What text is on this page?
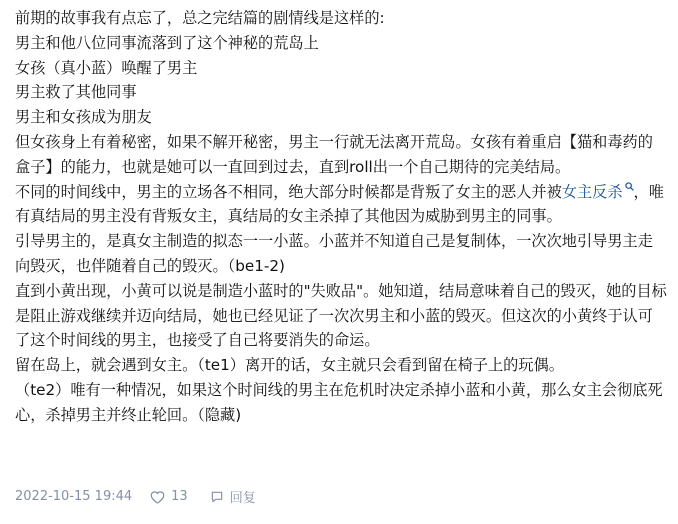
前期的故事我有点忘了，总之完结篇的剧情线是这样的:

男主和他八位同事流落到了这个神秘的荒岛上

女孩（真小蓝）唤醒了男主

男主救了其他同事

男主和女孩成为朋友

但女孩身上有着秘密，如果不解开秘密，男主一行就无法离开荒岛。女孩有着重启【猫和毒药的盒子】的能力，也就是她可以一直回到过去，直到roll出一个自己期待的完美结局。

不同的时间线中，男主的立场各不相同，绝大部分时候都是背叛了女主的恶人并被女主反杀 ，唯有真结局的男主没有背叛女主，真结局的女主杀掉了其他因为威胁到男主的同事。

引导男主的，是真女主制造的拟态一一小蓝。小蓝并不知道自己是复制体，一次次地引导男主走向毁灭，也伴随着自己的毁灭。（be1-2)

直到小黄出现，小黄可以说是制造小蓝时的"失败品"。她知道，结局意味着自己的毁灭，她的目标是阻止游戏继续并迈向结局，她也已经见证了一次次男主和小蓝的毁灭。但这次的小黄终于认可了这个时间线的男主，也接受了自己将要消失的命运。

留在岛上，就会遇到女主。（te1）离开的话，女主就只会看到留在椅子上的玩偶。

（te2）唯有一种情况，如果这个时间线的男主在危机时决定杀掉小蓝和小黄，那么女主会彻底死心，杀掉男主并终止轮回。（隐藏)

2022-10-15 19:44	13	回复
